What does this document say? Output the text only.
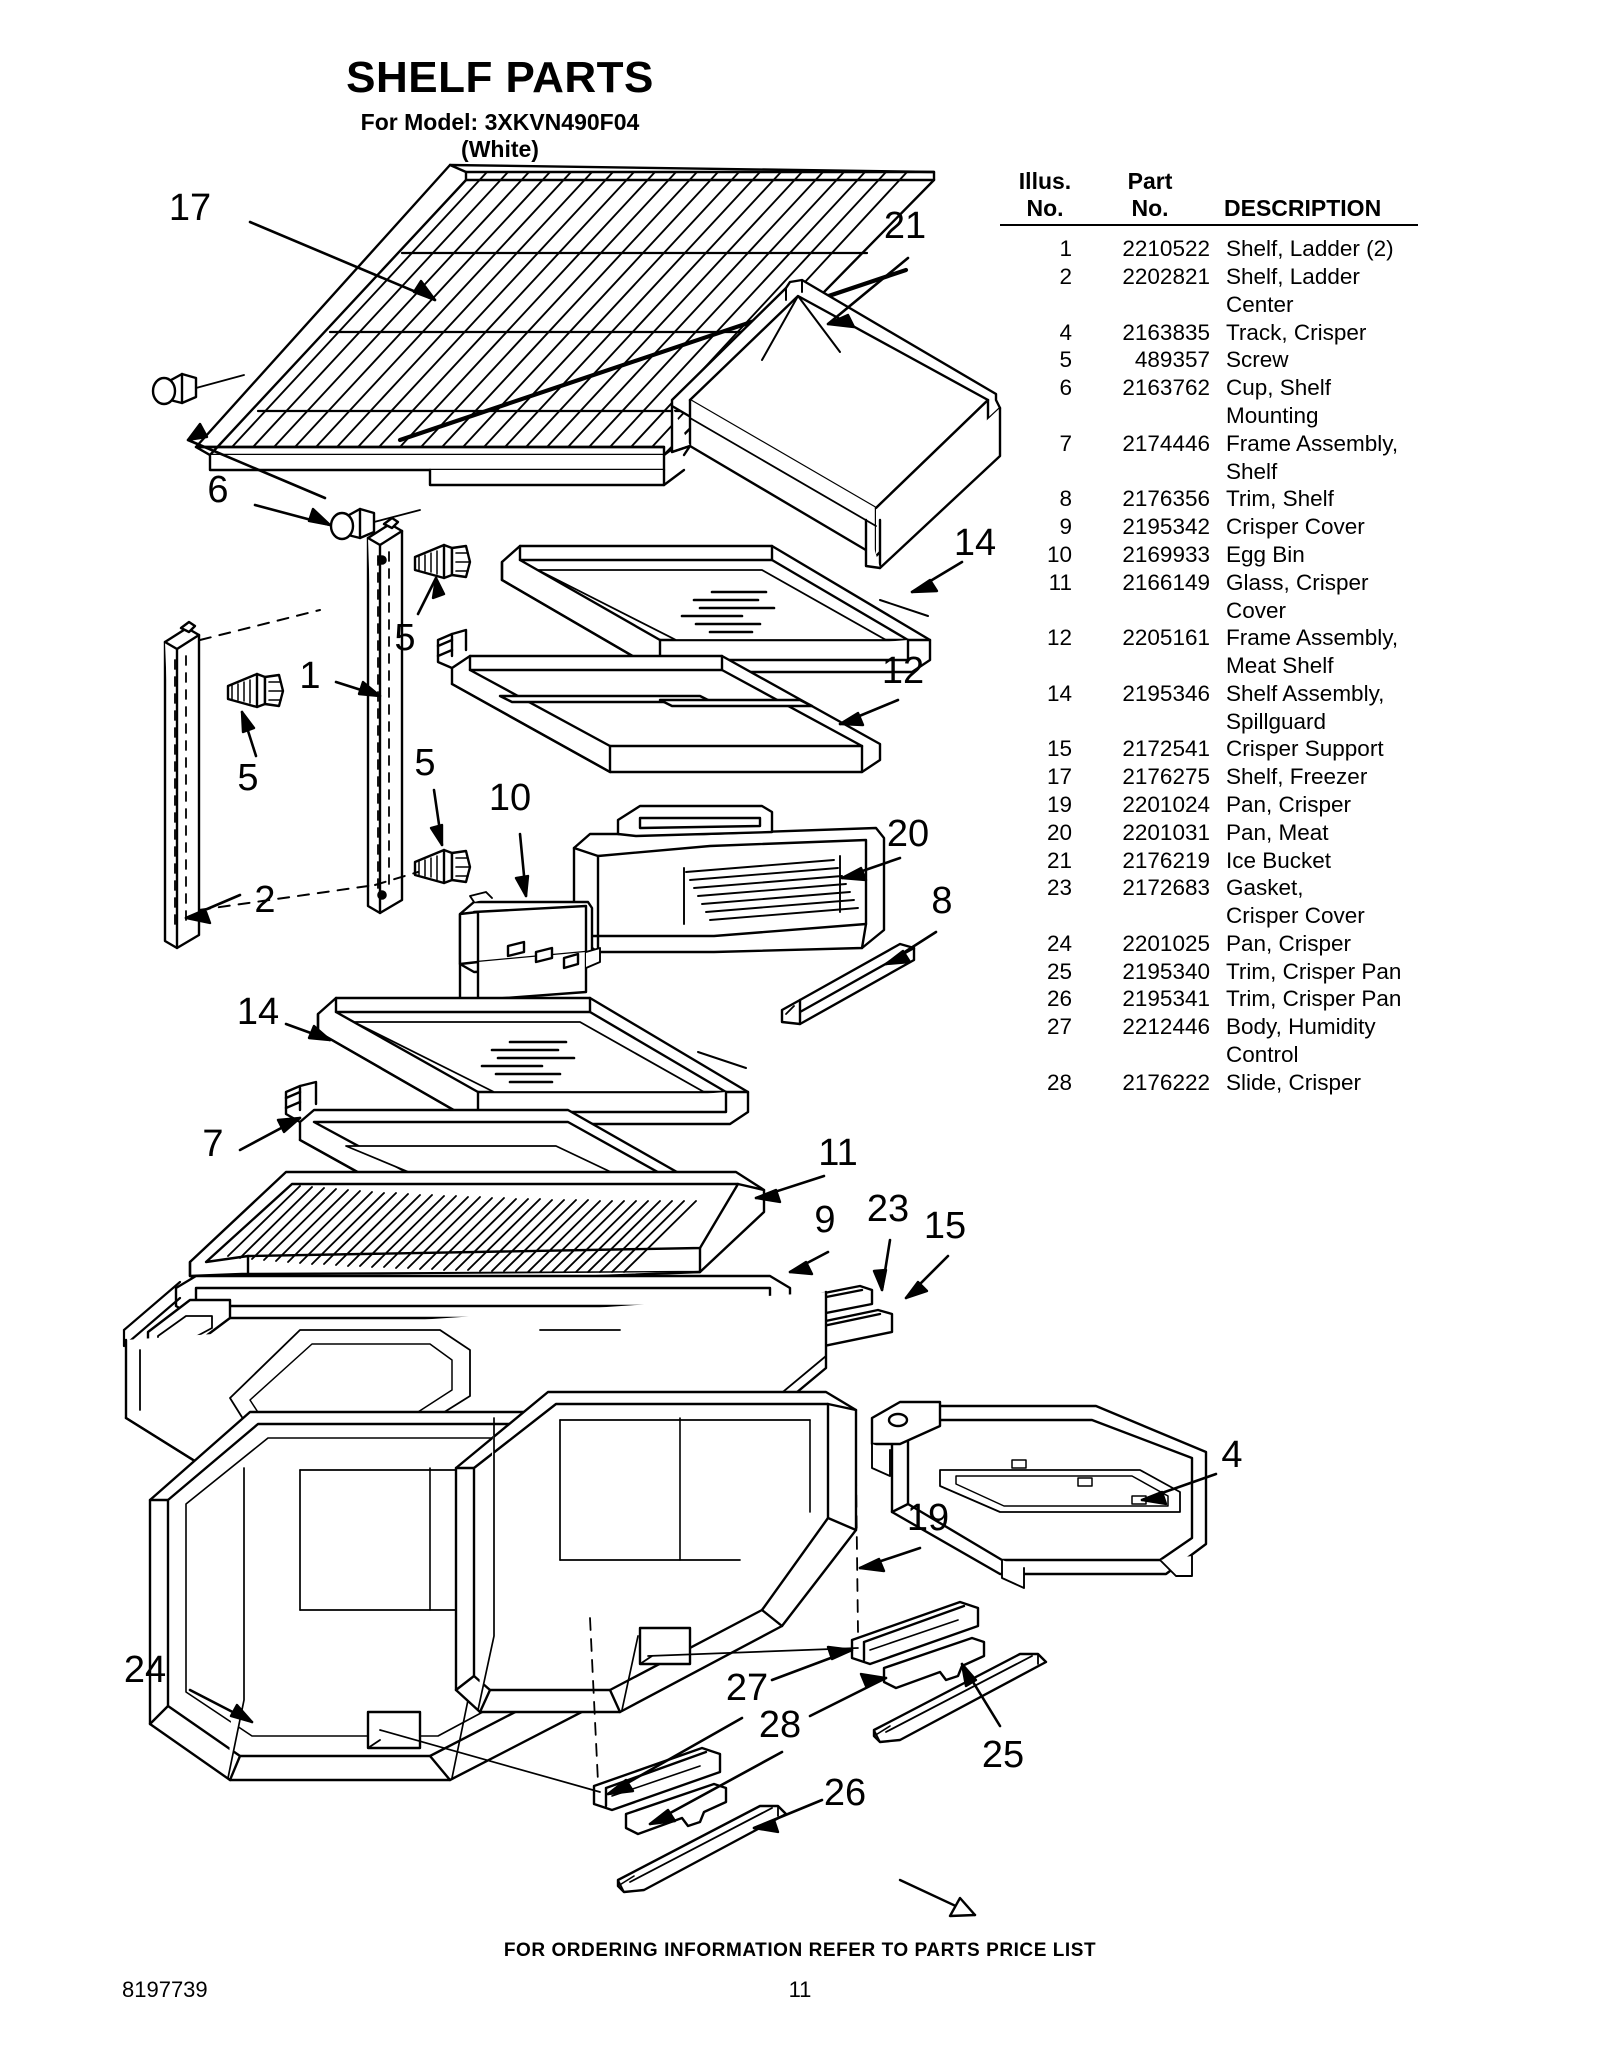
SHELF PARTS
For Model: 3XKVN490F04
(White)
Illus.
No.
Part
No.	DESCRIPTION
1	2210522 Shelf, Ladder (2)
2	2202821 Shelf, Ladder
Center
4	2163835 Track, Crisper
5	489357 Screw
6	2163762 Cup, Shelf
Mounting
7	2174446 Frame Assembly,
Shelf
8	2176356 Trim, Shelf
9	2195342 Crisper Cover
10	2169933 Egg Bin
11	2166149 Glass, Crisper
Cover
12	2205161 Frame Assembly,
Meat Shelf
14	2195346 Shelf Assembly,
Spillguard
15	2172541 Crisper Support
17	2176275 Shelf, Freezer
19	2201024 Pan, Crisper
20	2201031 Pan, Meat
21	2176219 Ice Bucket
23	2172683 Gasket,
Crisper Cover
24	2201025 Pan, Crisper
25	2195340 Trim, Crisper Pan
26	2195341 Trim, Crisper Pan
27	2212446 Body, Humidity
Control
28	2176222 Slide, Crisper
17	21
6
14
5
1	12
5	5
10
20
2	8
14
7	11
9 23 15
4
19
24	27
28
25
26
FOR ORDERING INFORMATION REFER TO PARTS PRICE LIST
8197739	11
